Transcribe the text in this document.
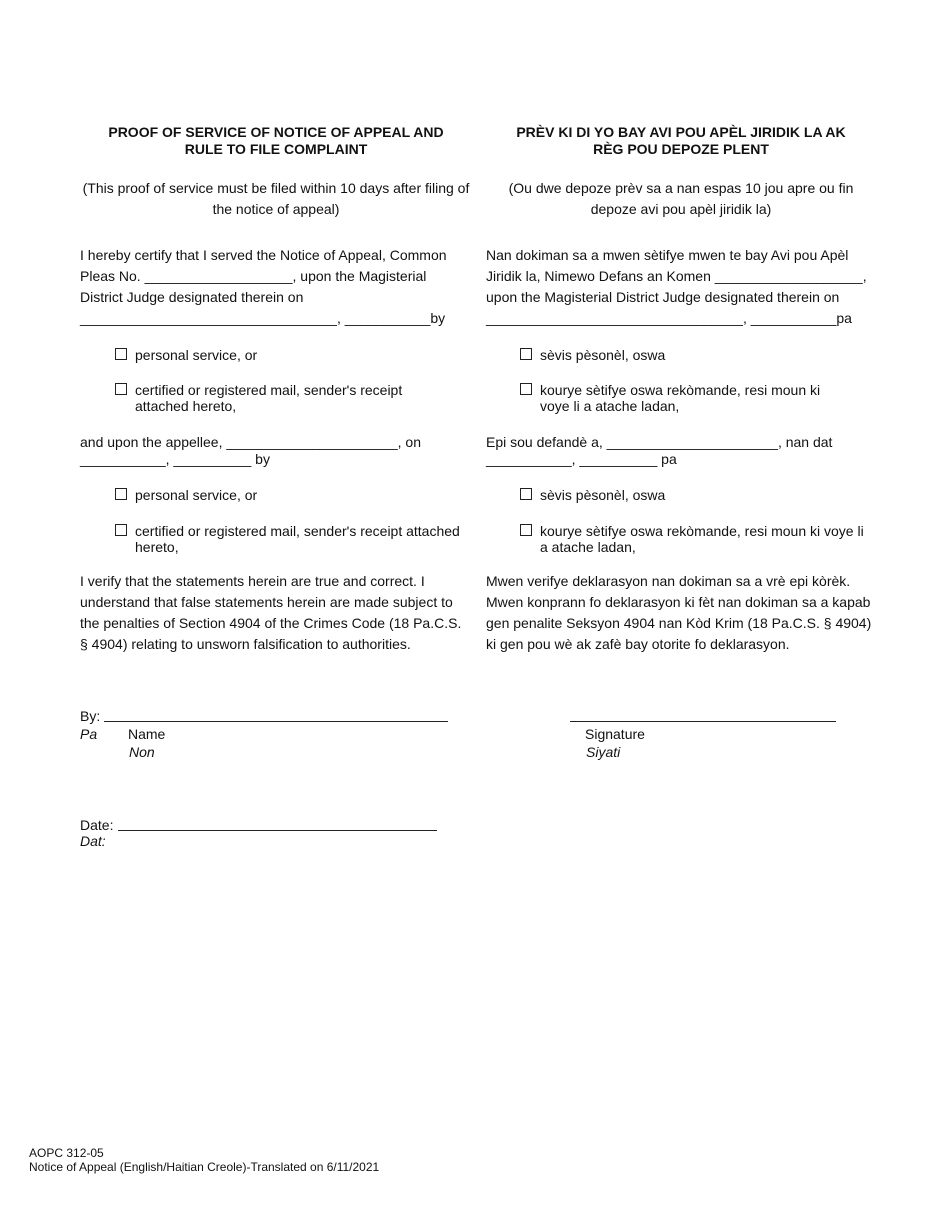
PROOF OF SERVICE OF NOTICE OF APPEAL AND
RULE TO FILE COMPLAINT
(This proof of service must be filed within 10 days after filing of
the notice of appeal)
I hereby certify that I served the Notice of Appeal, Common
Pleas No. ___________________, upon the Magisterial
District Judge designated therein on
_________________________________, ___________by
personal service, or
certified or registered mail, sender's receipt
attached hereto,
and upon the appellee, ______________________, on
___________, __________ by
personal service, or
certified or registered mail, sender's receipt attached
hereto,
I verify that the statements herein are true and correct. I
understand that false statements herein are made subject to
the penalties of Section 4904 of the Crimes Code (18 Pa.C.S.
§ 4904) relating to unsworn falsification to authorities.
PRÈV KI DI YO BAY AVI POU APÈL JIRIDIK LA AK
RÈG POU DEPOZE PLENT
(Ou dwe depoze prèv sa a nan espas 10 jou apre ou fin
depoze avi pou apèl jiridik la)
Nan dokiman sa a mwen sètifye mwen te bay Avi pou Apèl
Jiridik la, Nimewo Defans an Komen ___________________,
upon the Magisterial District Judge designated therein on
_________________________________, ___________pa
sèvis pèsonèl, oswa
kourye sètifye oswa rekòmande, resi moun ki
voye li a atache ladan,
Epi sou defandè a, ______________________, nan dat
___________, __________ pa
sèvis pèsonèl, oswa
kourye sètifye oswa rekòmande, resi moun ki voye li
a atache ladan,
Mwen verifye deklarasyon nan dokiman sa a vrè epi kòrèk.
Mwen konprann fo deklarasyon ki fèt nan dokiman sa a kapab
gen penalite Seksyon 4904 nan Kòd Krim (18 Pa.C.S. § 4904)
ki gen pou wè ak zafè bay otorite fo deklarasyon.
By:
Pa Name
Non
Signature
Siyati
Date:
Dat:
AOPC 312-05
Notice of Appeal (English/Haitian Creole)-Translated on 6/11/2021
